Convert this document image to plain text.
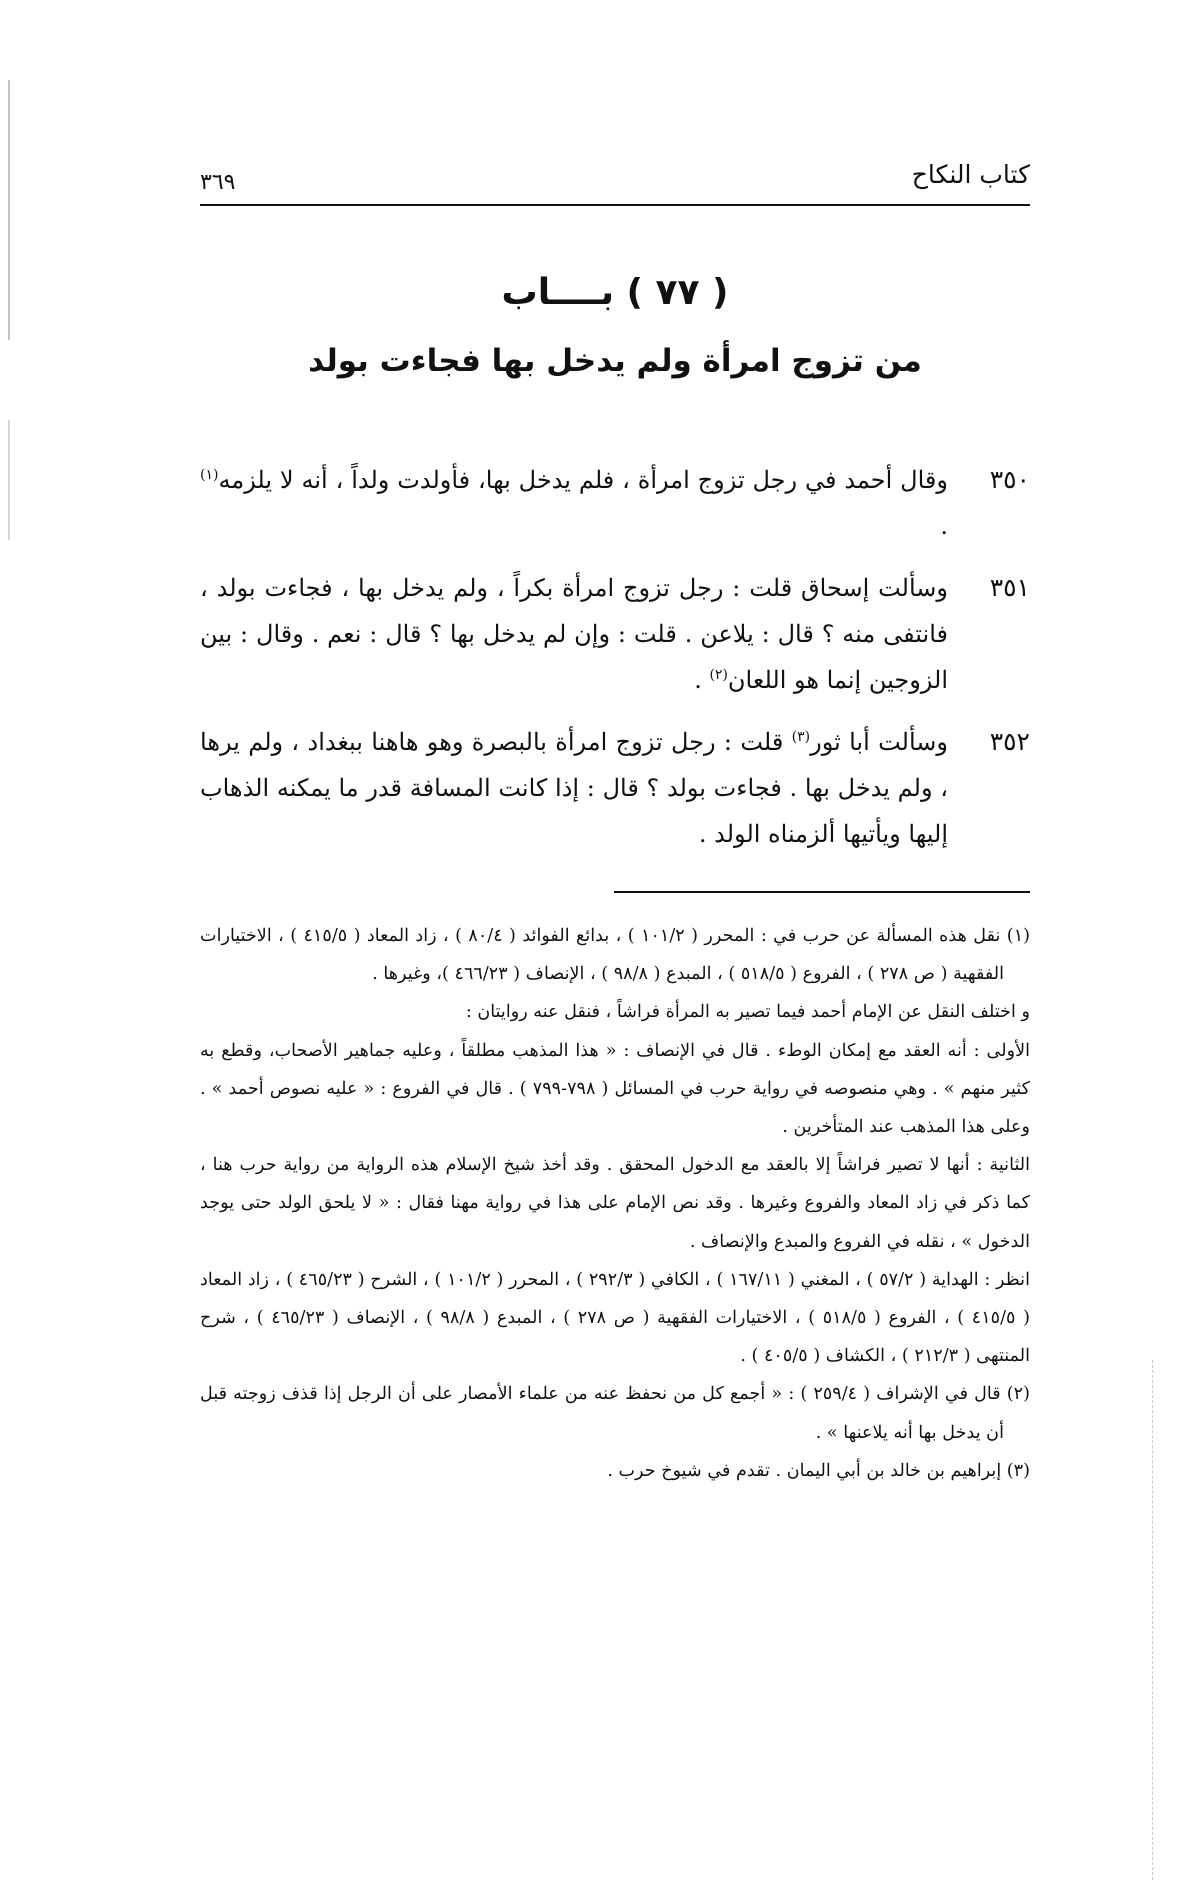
كتاب النكاح
٣٦٩
( ٧٧ ) بــــاب
من تزوج امرأة ولم يدخل بها فجاءت بولد
٣٥٠
وقال أحمد في رجل تزوج امرأة ، فلم يدخل بها، فأولدت ولداً ، أنه لا يلزمه$^{(١)}$ .
٣٥١
وسألت إسحاق قلت : رجل تزوج امرأة بكراً ، ولم يدخل بها ، فجاءت بولد ، فانتفى منه ؟ قال : يلاعن . قلت : وإن لم يدخل بها ؟ قال : نعم . وقال : بين الزوجين إنما هو اللعان$^{(٢)}$ .
٣٥٢
وسألت أبا ثور$^{(٣)}$ قلت : رجل تزوج امرأة بالبصرة وهو هاهنا ببغداد ، ولم يرها ، ولم يدخل بها . فجاءت بولد ؟ قال : إذا كانت المسافة قدر ما يمكنه الذهاب إليها ويأتيها ألزمناه الولد .

(١) نقل هذه المسألة عن حرب في : المحرر ( ١٠١/٢ ) ، بدائع الفوائد ( ٨٠/٤ ) ، زاد المعاد ( ٤١٥/٥ ) ، الاختيارات الفقهية ( ص ٢٧٨ ) ، الفروع ( ٥١٨/٥ ) ، المبدع ( ٩٨/٨ ) ، الإنصاف ( ٤٦٦/٢٣ )، وغيرها .

و اختلف النقل عن الإمام أحمد فيما تصير به المرأة فراشاً ، فنقل عنه روايتان :

الأولى : أنه العقد مع إمكان الوطء . قال في الإنصاف : « هذا المذهب مطلقاً ، وعليه جماهير الأصحاب، وقطع به كثير منهم » . وهي منصوصه في رواية حرب في المسائل ( ٧٩٨-٧٩٩ ) . قال في الفروع : « عليه نصوص أحمد » . وعلى هذا المذهب عند المتأخرين .

الثانية : أنها لا تصير فراشاً إلا بالعقد مع الدخول المحقق . وقد أخذ شيخ الإسلام هذه الرواية من رواية حرب هنا ، كما ذكر في زاد المعاد والفروع وغيرها . وقد نص الإمام على هذا في رواية مهنا فقال : « لا يلحق الولد حتى يوجد الدخول » ، نقله في الفروع والمبدع والإنصاف .

انظر : الهداية ( ٥٧/٢ ) ، المغني ( ١٦٧/١١ ) ، الكافي ( ٢٩٢/٣ ) ، المحرر ( ١٠١/٢ ) ، الشرح ( ٤٦٥/٢٣ ) ، زاد المعاد ( ٤١٥/٥ ) ، الفروع ( ٥١٨/٥ ) ، الاختيارات الفقهية ( ص ٢٧٨ ) ، المبدع ( ٩٨/٨ ) ، الإنصاف ( ٤٦٥/٢٣ ) ، شرح المنتهى ( ٢١٢/٣ ) ، الكشاف ( ٤٠٥/٥ ) .

(٢) قال في الإشراف ( ٢٥٩/٤ ) : « أجمع كل من نحفظ عنه من علماء الأمصار على أن الرجل إذا قذف زوجته قبل أن يدخل بها أنه يلاعنها » .

(٣) إبراهيم بن خالد بن أبي اليمان . تقدم في شيوخ حرب .
